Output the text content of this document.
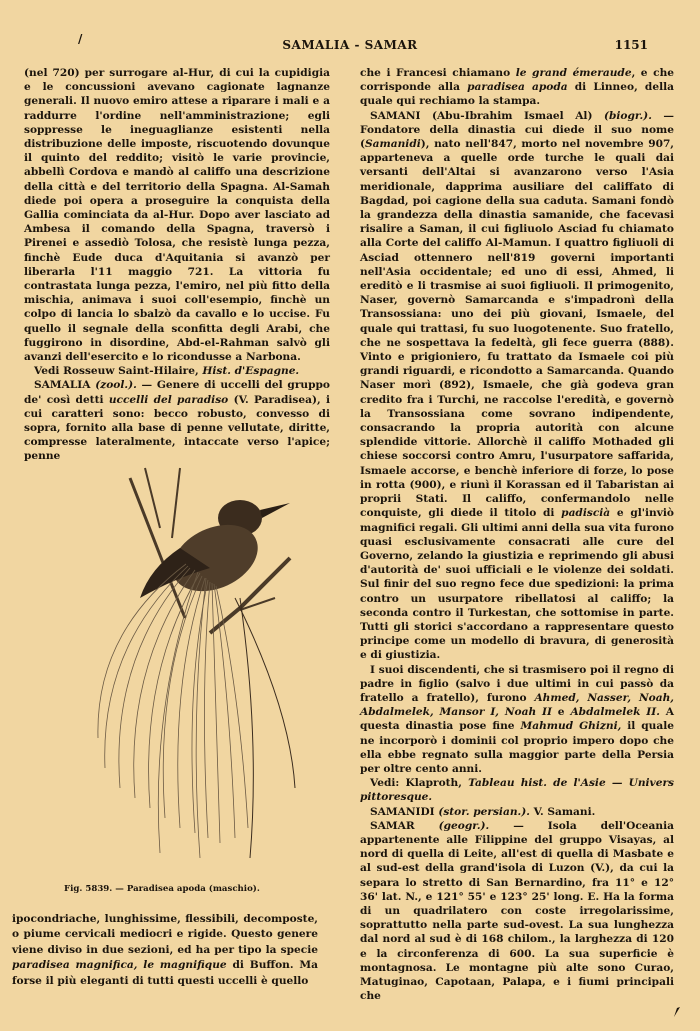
/	SAMALIA - SAMAR	1151

(nel 720) per surrogare al-Hur, di cui la cupidigia e le concussioni avevano cagionate lagnanze generali. Il nuovo emiro attese a riparare i mali e a raddurre l'ordine nell'amministrazione; egli soppresse le ineguaglianze esistenti nella distribuzione delle imposte, riscuotendo dovunque il quinto del reddito; visitò le varie provincie, abbellì Cordova e mandò al califfo una descrizione della città e del territorio della Spagna. Al-Samah diede poi opera a proseguire la conquista della Gallia cominciata da al-Hur. Dopo aver lasciato ad Ambesa il comando della Spagna, traversò i Pirenei e assediò Tolosa, che resistè lunga pezza, finchè Eude duca d'Aquitania si avanzò per liberarla l'11 maggio 721. La vittoria fu contrastata lunga pezza, l'emiro, nel più fitto della mischia, animava i suoi coll'esempio, finchè un colpo di lancia lo sbalzò da cavallo e lo uccise. Fu quello il segnale della sconfitta degli Arabi, che fuggirono in disordine, Abd-el-Rahman salvò gli avanzi dell'esercito e lo ricondusse a Narbona.

Vedi Rosseuw Saint-Hilaire, Hist. d'Espagne.

SAMALIA (zool.). — Genere di uccelli del gruppo de' così detti uccelli del paradiso (V. Paradisea), i cui caratteri sono: becco robusto, convesso di sopra, fornito alla base di penne vellutate, diritte, compresse lateralmente, intaccate verso l'apice; penne

Fig. 5839. — Paradisea apoda (maschio).
ipocondriache, lunghissime, flessibili, decomposte, o piume cervicali mediocri e rigide. Questo genere viene diviso in due sezioni, ed ha per tipo la specie paradisea magnifica, le magnifique di Buffon. Ma forse il più eleganti di tutti questi uccelli è quello

che i Francesi chiamano le grand émeraude, e che corrisponde alla paradisea apoda di Linneo, della quale qui rechiamo la stampa.

SAMANI (Abu-Ibrahim Ismael Al) (biogr.). — Fondatore della dinastia cui diede il suo nome (Samanidi), nato nell'847, morto nel novembre 907, apparteneva a quelle orde turche le quali dai versanti dell'Altai si avanzarono verso l'Asia meridionale, dapprima ausiliare del califfato di Bagdad, poi cagione della sua caduta. Samani fondò la grandezza della dinastia samanide, che facevasi risalire a Saman, il cui figliuolo Asciad fu chiamato alla Corte del califfo Al-Mamun. I quattro figliuoli di Asciad ottennero nell'819 governi importanti nell'Asia occidentale; ed uno di essi, Ahmed, li ereditò e li trasmise ai suoi figliuoli. Il primogenito, Naser, governò Samarcanda e s'impadronì della Transossiana: uno dei più giovani, Ismaele, del quale qui trattasi, fu suo luogotenente. Suo fratello, che ne sospettava la fedeltà, gli fece guerra (888). Vinto e prigioniero, fu trattato da Ismaele coi più grandi riguardi, e ricondotto a Samarcanda. Quando Naser morì (892), Ismaele, che già godeva gran credito fra i Turchi, ne raccolse l'eredità, e governò la Transossiana come sovrano indipendente, consacrando la propria autorità con alcune splendide vittorie. Allorchè il califfo Mothaded gli chiese soccorsi contro Amru, l'usurpatore saffarida, Ismaele accorse, e benchè inferiore di forze, lo pose in rotta (900), e riunì il Korassan ed il Tabaristan ai proprii Stati. Il califfo, confermandolo nelle conquiste, gli diede il titolo di padiscià e gl'inviò magnifici regali. Gli ultimi anni della sua vita furono quasi esclusivamente consacrati alle cure del Governo, zelando la giustizia e reprimendo gli abusi d'autorità de' suoi ufficiali e le violenze dei soldati. Sul finir del suo regno fece due spedizioni: la prima contro un usurpatore ribellatosi al califfo; la seconda contro il Turkestan, che sottomise in parte. Tutti gli storici s'accordano a rappresentare questo principe come un modello di bravura, di generosità e di giustizia.

I suoi discendenti, che si trasmisero poi il regno di padre in figlio (salvo i due ultimi in cui passò da fratello a fratello), furono Ahmed, Nasser, Noah, Abdalmelek, Mansor I, Noah II e Abdalmelek II. A questa dinastia pose fine Mahmud Ghizni, il quale ne incorporò i dominii col proprio impero dopo che ella ebbe regnato sulla maggior parte della Persia per oltre cento anni.

Vedi: Klaproth, Tableau hist. de l'Asie — Univers pittoresque.

SAMANIDI (stor. persian.). V. Samani.

SAMAR (geogr.). — Isola dell'Oceania appartenente alle Filippine del gruppo Visayas, al nord di quella di Leite, all'est di quella di Masbate e al sud-est della grand'isola di Luzon (V.), da cui la separa lo stretto di San Bernardino, fra 11° e 12° 36' lat. N., e 121° 55' e 123° 25' long. E. Ha la forma di un quadrilatero con coste irregolarissime, soprattutto nella parte sud-ovest. La sua lunghezza dal nord al sud è di 168 chilom., la larghezza di 120 e la circonferenza di 600. La sua superficie è montagnosa. Le montagne più alte sono Curao, Matuginao, Capotaan, Palapa, e i fiumi principali che
